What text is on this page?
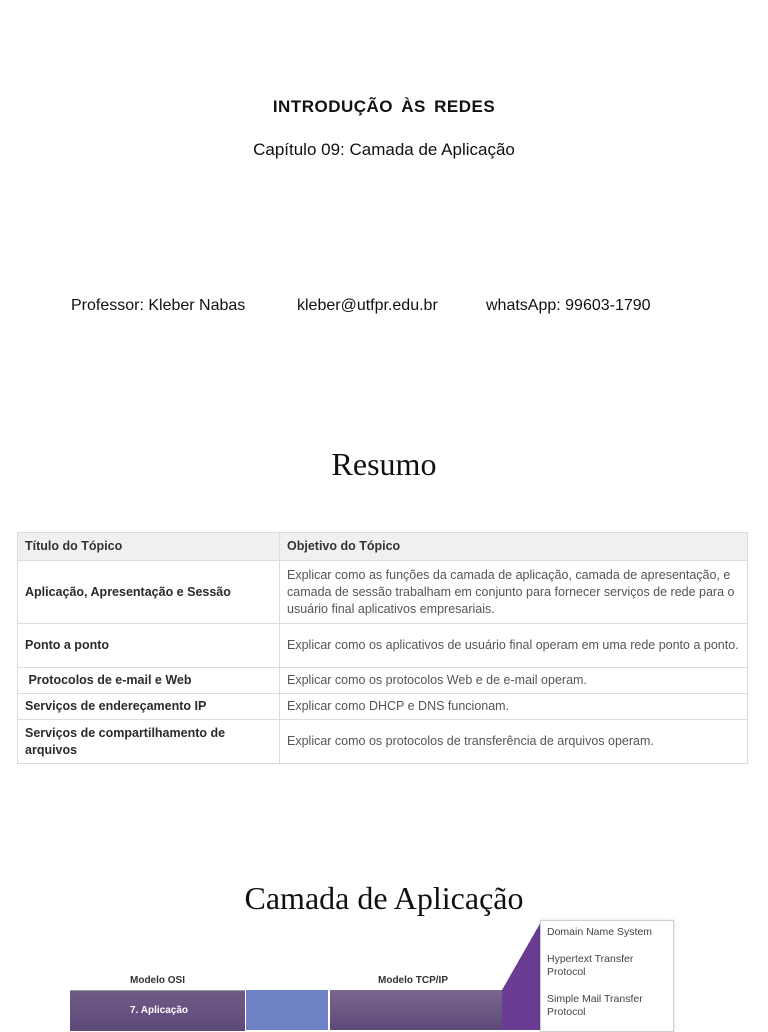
INTRODUÇÃO ÀS REDES
Capítulo 09: Camada de Aplicação
Professor: Kleber Nabas	kleber@utfpr.edu.br	whatsApp: 99603-1790
Resumo
Título do Tópico	Objetivo do Tópico
Aplicação, Apresentação e Sessão	Explicar como as funções da camada de aplicação, camada de apresentação, e camada de sessão trabalham em conjunto para fornecer serviços de rede para o usuário final aplicativos empresariais.
Ponto a ponto	Explicar como os aplicativos de usuário final operam em uma rede ponto a ponto.
Protocolos de e-mail e Web	Explicar como os protocolos Web e de e-mail operam.
Serviços de endereçamento IP	Explicar como DHCP e DNS funcionam.
Serviços de compartilhamento de arquivos	Explicar como os protocolos de transferência de arquivos operam.
Camada de Aplicação
Modelo OSI	Modelo TCP/IP
7. Aplicação
Domain Name System
Hypertext Transfer Protocol
Simple Mail Transfer Protocol
